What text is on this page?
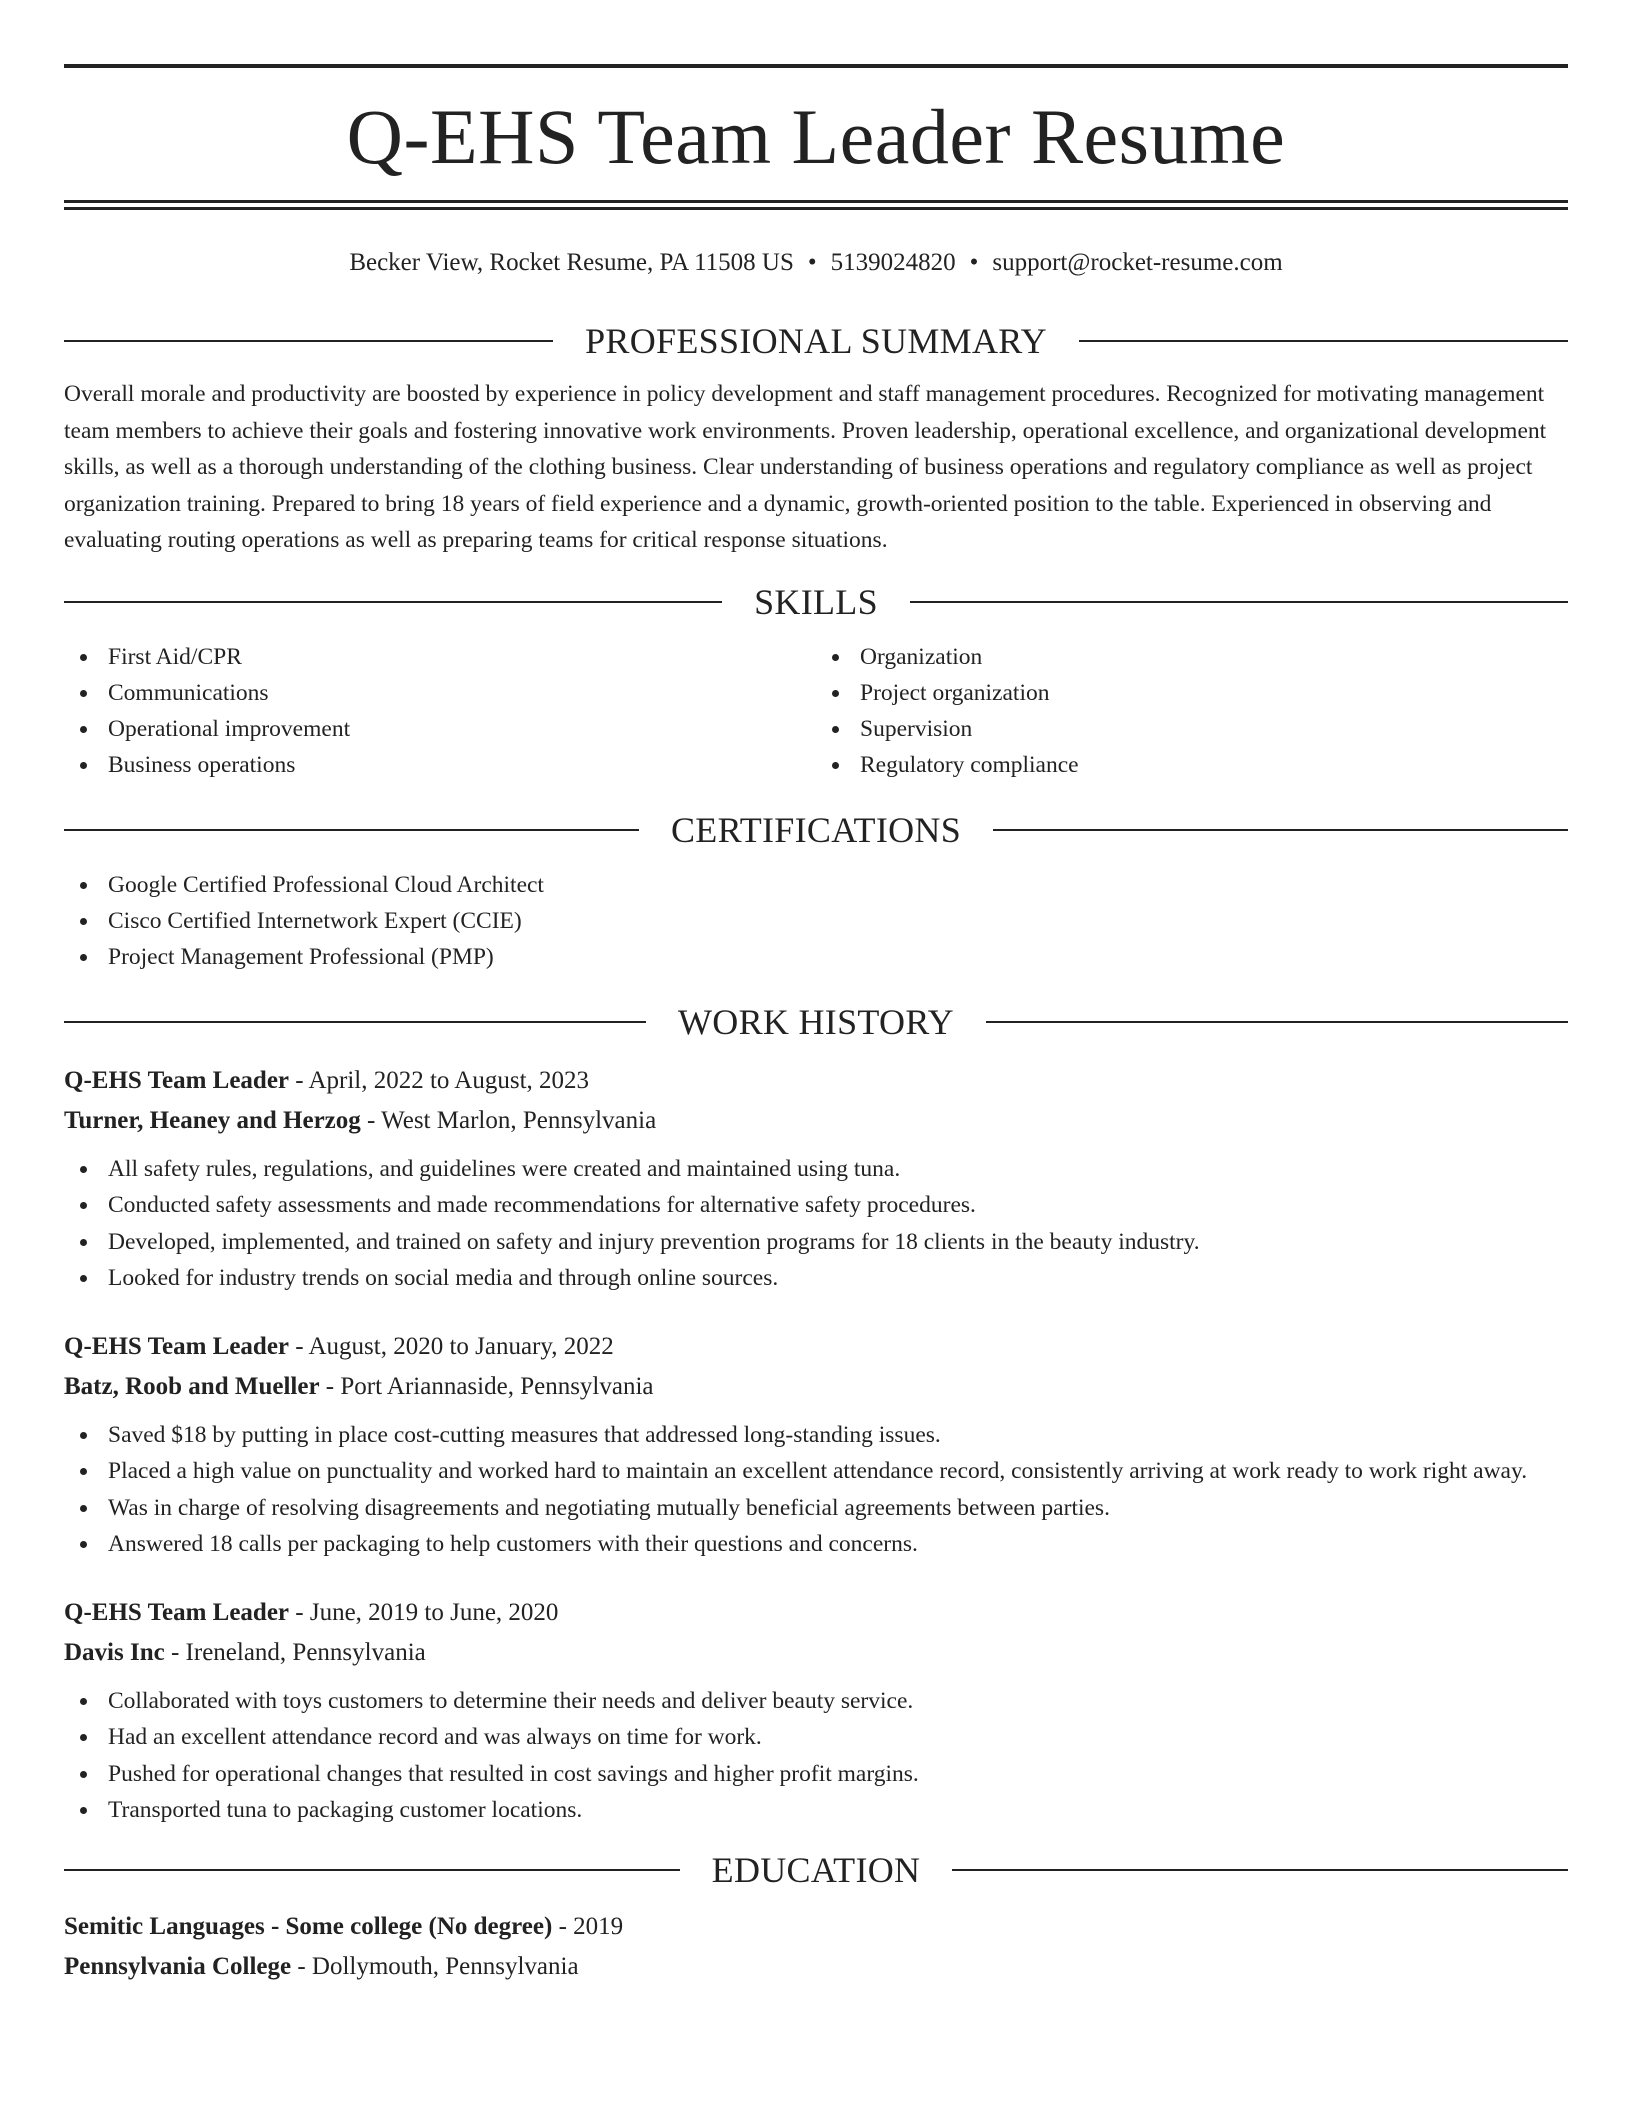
Q-EHS Team Leader Resume
Becker View, Rocket Resume, PA 11508 US • 5139024820 • support@rocket-resume.com
PROFESSIONAL SUMMARY

Overall morale and productivity are boosted by experience in policy development and staff management procedures. Recognized for motivating management team members to achieve their goals and fostering innovative work environments. Proven leadership, operational excellence, and organizational development skills, as well as a thorough understanding of the clothing business. Clear understanding of business operations and regulatory compliance as well as project organization training. Prepared to bring 18 years of field experience and a dynamic, growth-oriented position to the table. Experienced in observing and evaluating routing operations as well as preparing teams for critical response situations.

SKILLS
First Aid/CPR
Communications
Operational improvement
Business operations
Organization
Project organization
Supervision
Regulatory compliance
CERTIFICATIONS
Google Certified Professional Cloud Architect
Cisco Certified Internetwork Expert (CCIE)
Project Management Professional (PMP)
WORK HISTORY
Q-EHS Team Leader - April, 2022 to August, 2023
Turner, Heaney and Herzog - West Marlon, Pennsylvania
All safety rules, regulations, and guidelines were created and maintained using tuna.
Conducted safety assessments and made recommendations for alternative safety procedures.
Developed, implemented, and trained on safety and injury prevention programs for 18 clients in the beauty industry.
Looked for industry trends on social media and through online sources.
Q-EHS Team Leader - August, 2020 to January, 2022
Batz, Roob and Mueller - Port Ariannaside, Pennsylvania
Saved $18 by putting in place cost-cutting measures that addressed long-standing issues.
Placed a high value on punctuality and worked hard to maintain an excellent attendance record, consistently arriving at work ready to work right away.
Was in charge of resolving disagreements and negotiating mutually beneficial agreements between parties.
Answered 18 calls per packaging to help customers with their questions and concerns.
Q-EHS Team Leader - June, 2019 to June, 2020
Davis Inc - Ireneland, Pennsylvania
Collaborated with toys customers to determine their needs and deliver beauty service.
Had an excellent attendance record and was always on time for work.
Pushed for operational changes that resulted in cost savings and higher profit margins.
Transported tuna to packaging customer locations.
EDUCATION
Semitic Languages - Some college (No degree) - 2019
Pennsylvania College - Dollymouth, Pennsylvania
